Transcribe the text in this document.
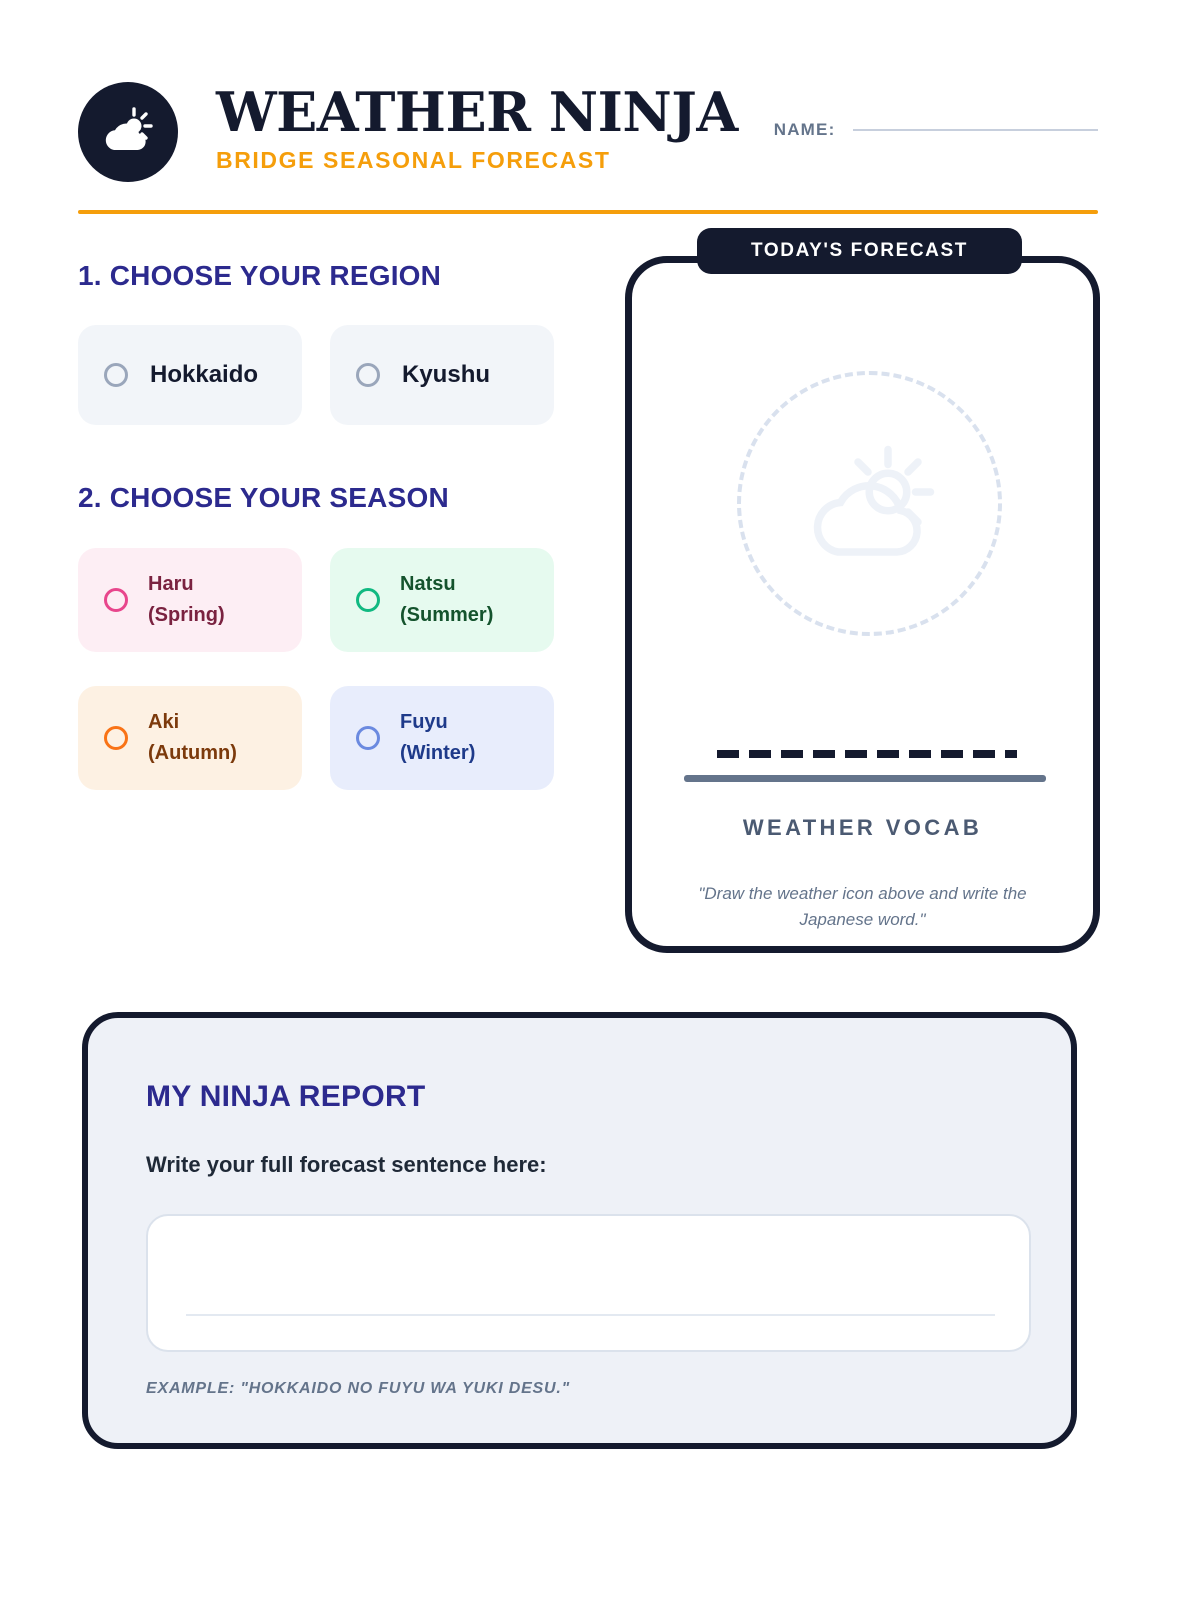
WEATHER NINJA
BRIDGE SEASONAL FORECAST
NAME:
1. CHOOSE YOUR REGION
Hokkaido	Kyushu
2. CHOOSE YOUR SEASON
Haru
(Spring)
Natsu
(Summer)
Aki
(Autumn)
Fuyu
(Winter)
WEATHER VOCAB
"Draw the weather icon above and write the Japanese word."
TODAY'S FORECAST
MY NINJA REPORT
Write your full forecast sentence here:
EXAMPLE: "HOKKAIDO NO FUYU WA YUKI DESU."
